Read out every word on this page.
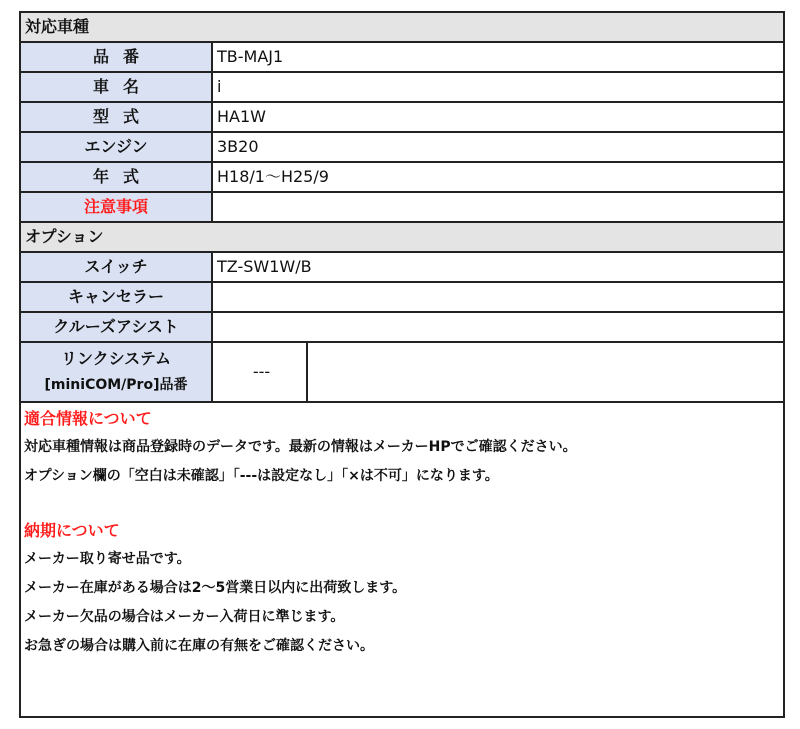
対応車種		
品番	TB-MAJ1	
車名	i	
型式	HA1W	
エンジン	3B20	
年式	H18/1〜H25/9	
注意事項		
オプション		
スイッチ	TZ-SW1W/B	
キャンセラー		
クルーズアシスト		

リンクシステム
[miniCOM/Pro]品番	---	
適合情報について
対応車種情報は商品登録時のデータです。最新の情報はメーカーHPでご確認ください。
オプション欄の「空白は未確認」「---は設定なし」「×は不可」になります。
納期について
メーカー取り寄せ品です。
メーカー在庫がある場合は2〜5営業日以内に出荷致します。
メーカー欠品の場合はメーカー入荷日に準じます。
お急ぎの場合は購入前に在庫の有無をご確認ください。
